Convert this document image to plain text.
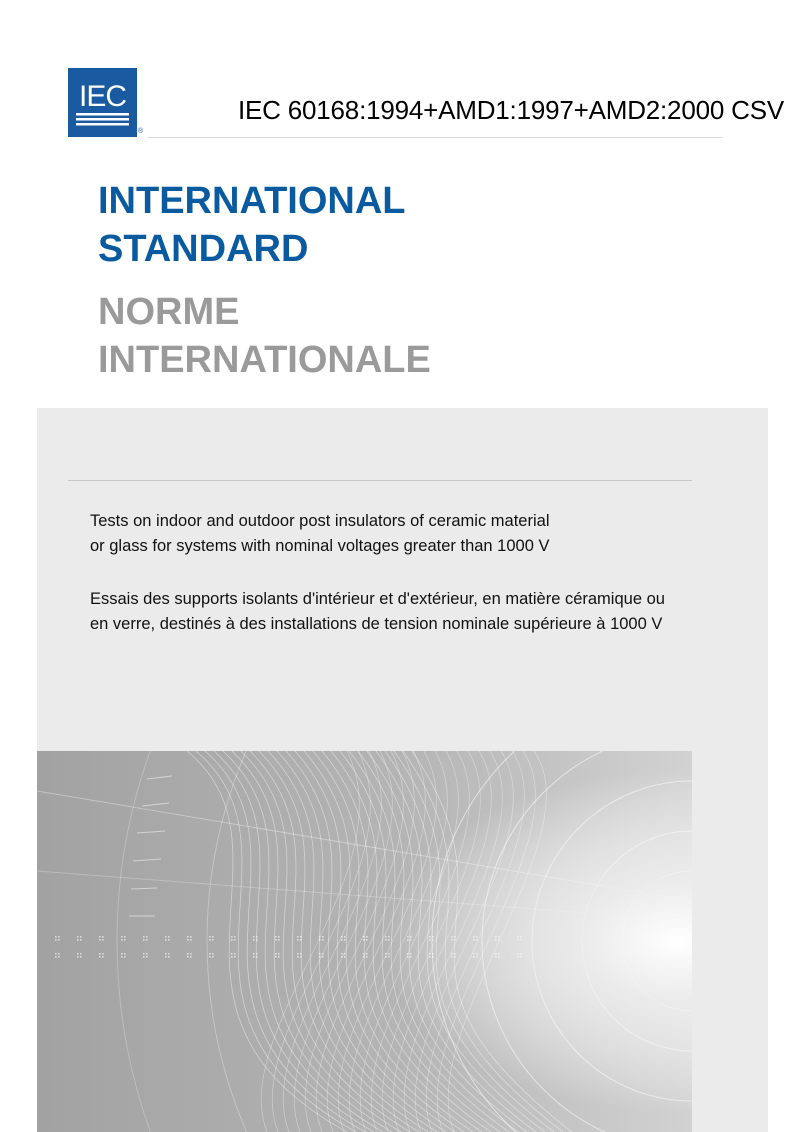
IEC
®
IEC 60168:1994+AMD1:1997+AMD2:2000 CSV
INTERNATIONAL
STANDARD
NORME
INTERNATIONALE

Tests on indoor and outdoor post insulators of ceramic material
or glass for systems with nominal voltages greater than 1000 V

Essais des supports isolants d'intérieur et d'extérieur, en matière céramique ou
en verre, destinés à des installations de tension nominale supérieure à 1000 V
